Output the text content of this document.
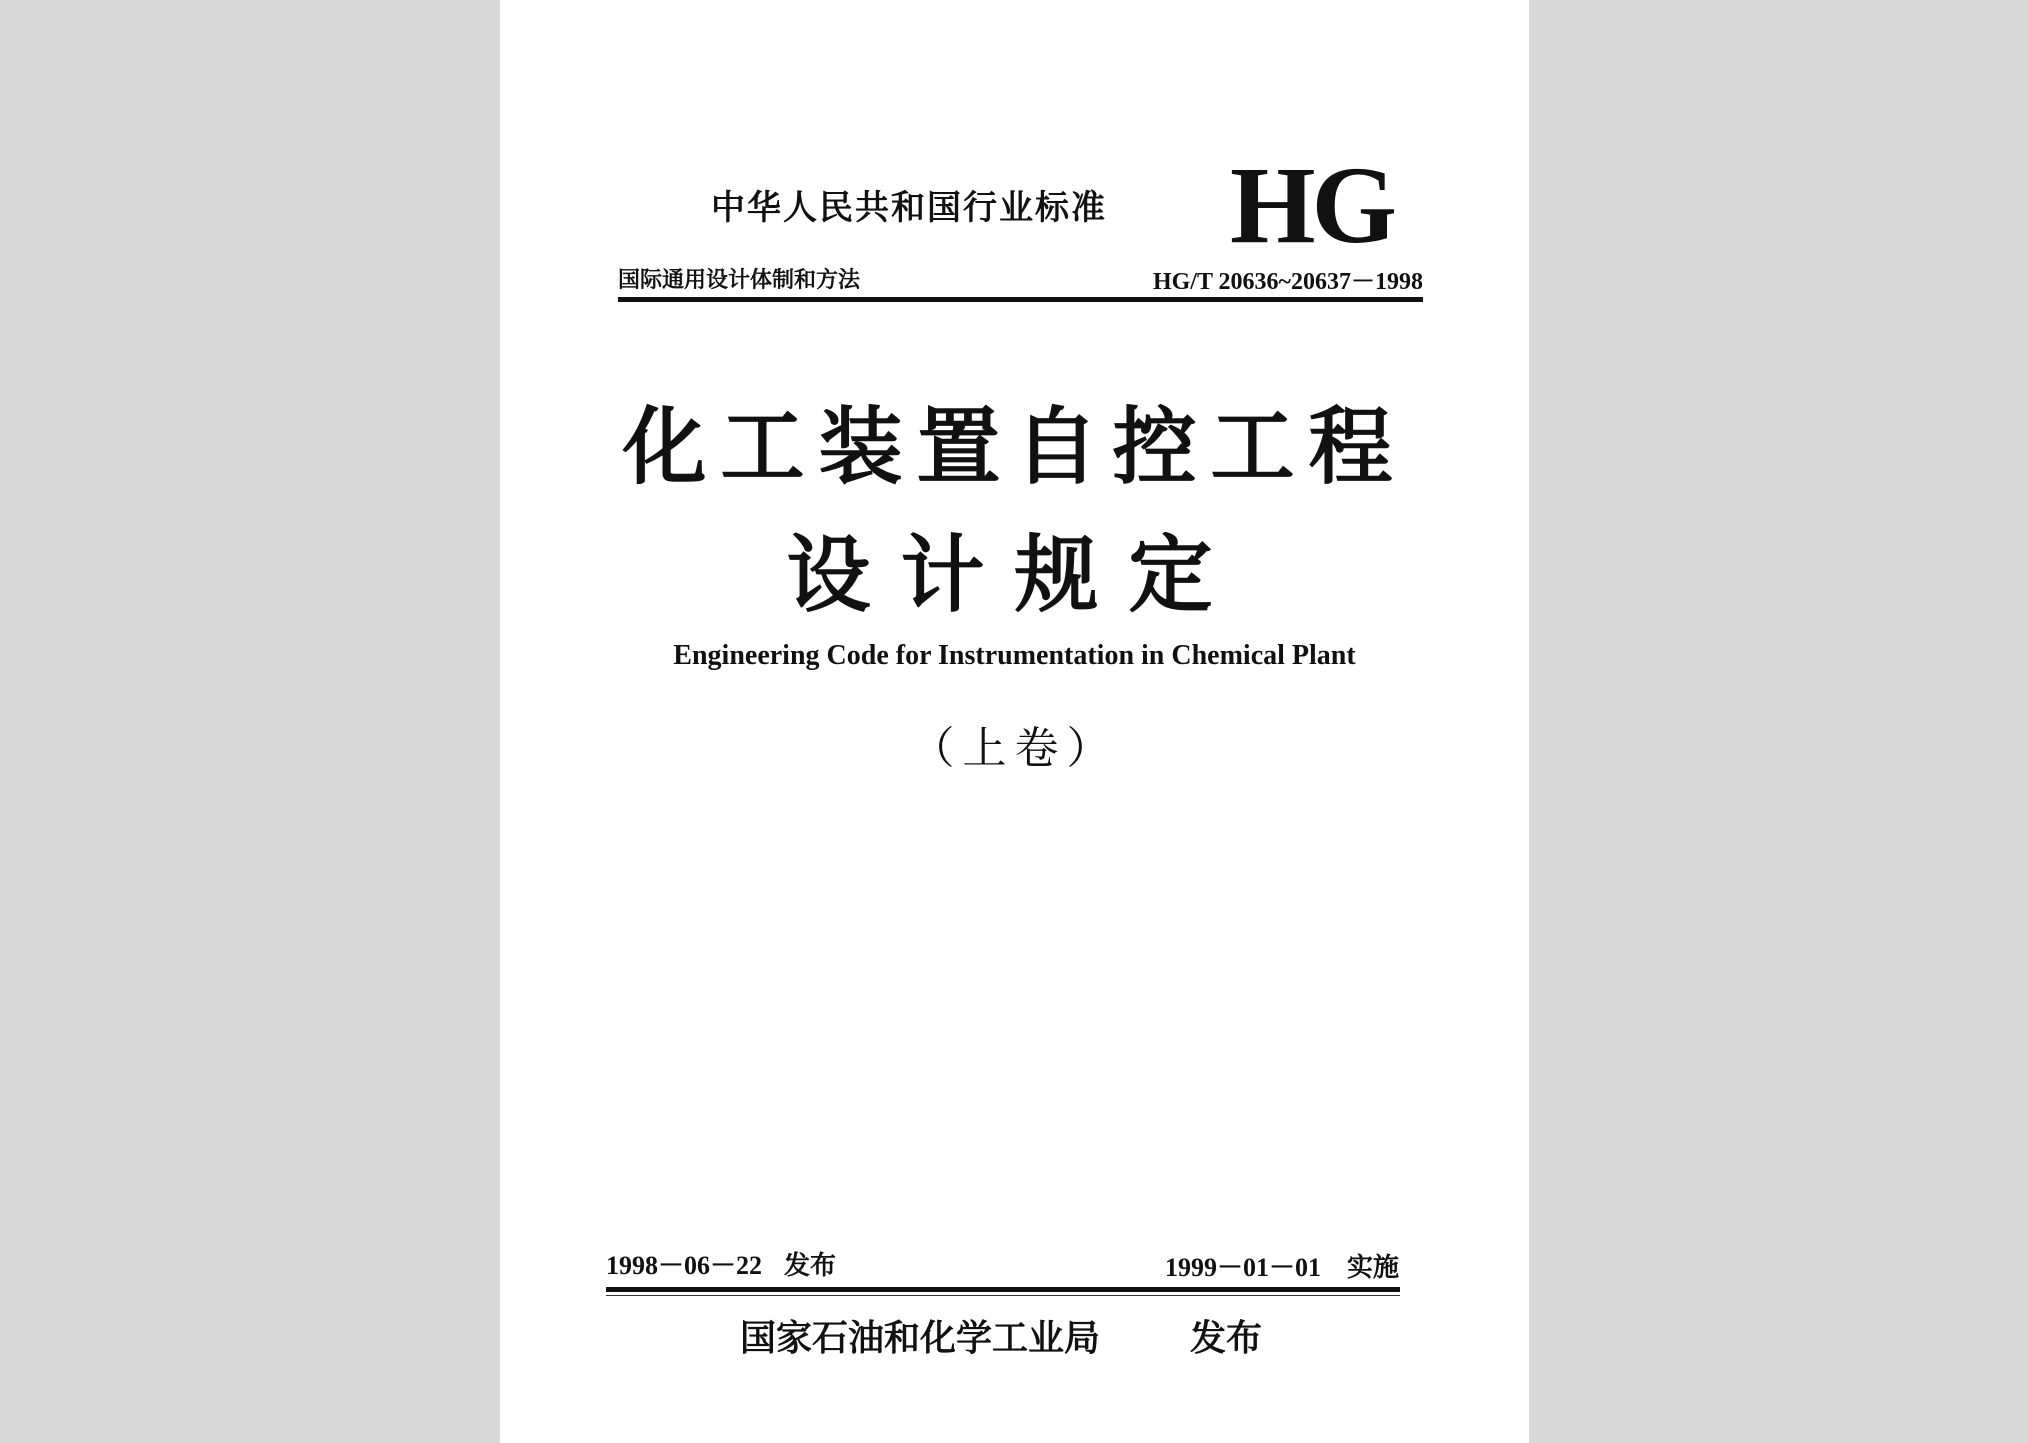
中华人民共和国行业标准 HG
国际通用设计体制和方法	HG/T 20636~20637－1998
化工装置自控工程
设计规定
Engineering Code for Instrumentation in Chemical Plant
（上卷）
1998－06－22 发布	1999－01－01 实施
国家石油和化学工业局 发布
